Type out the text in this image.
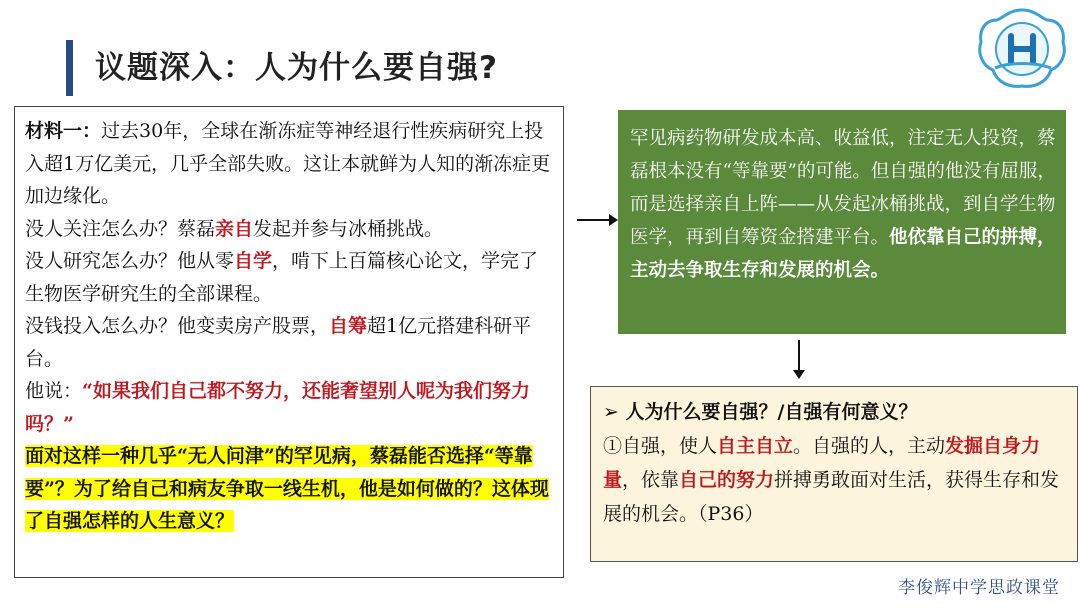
议题深入：人为什么要自强?

材料一：过去30年，全球在渐冻症等神经退行性疾病研究上投入超1万亿美元，几乎全部失败。这让本就鲜为人知的渐冻症更加边缘化。

没人关注怎么办？蔡磊亲自发起并参与冰桶挑战。

没人研究怎么办？他从零自学，啃下上百篇核心论文，学完了生物医学研究生的全部课程。

没钱投入怎么办？他变卖房产股票，自筹超1亿元搭建科研平台。

他说：“如果我们自己都不努力，还能奢望别人呢为我们努力吗？”

面对这样一种几乎“无人问津”的罕见病，蔡磊能否选择“等靠要”？为了给自己和病友争取一线生机，他是如何做的？这体现了自强怎样的人生意义？

罕见病药物研发成本高、收益低，注定无人投资，蔡磊根本没有“等靠要”的可能。但自强的他没有屈服，而是选择亲自上阵——从发起冰桶挑战，到自学生物医学，再到自筹资金搭建平台。他依靠自己的拼搏，主动去争取生存和发展的机会。

➢ 人为什么要自强？/自强有何意义？

①自强，使人自主自立。自强的人，主动发掘自身力量，依靠自己的努力拼搏勇敢面对生活，获得生存和发展的机会。（P36）

李俊辉中学思政课堂
